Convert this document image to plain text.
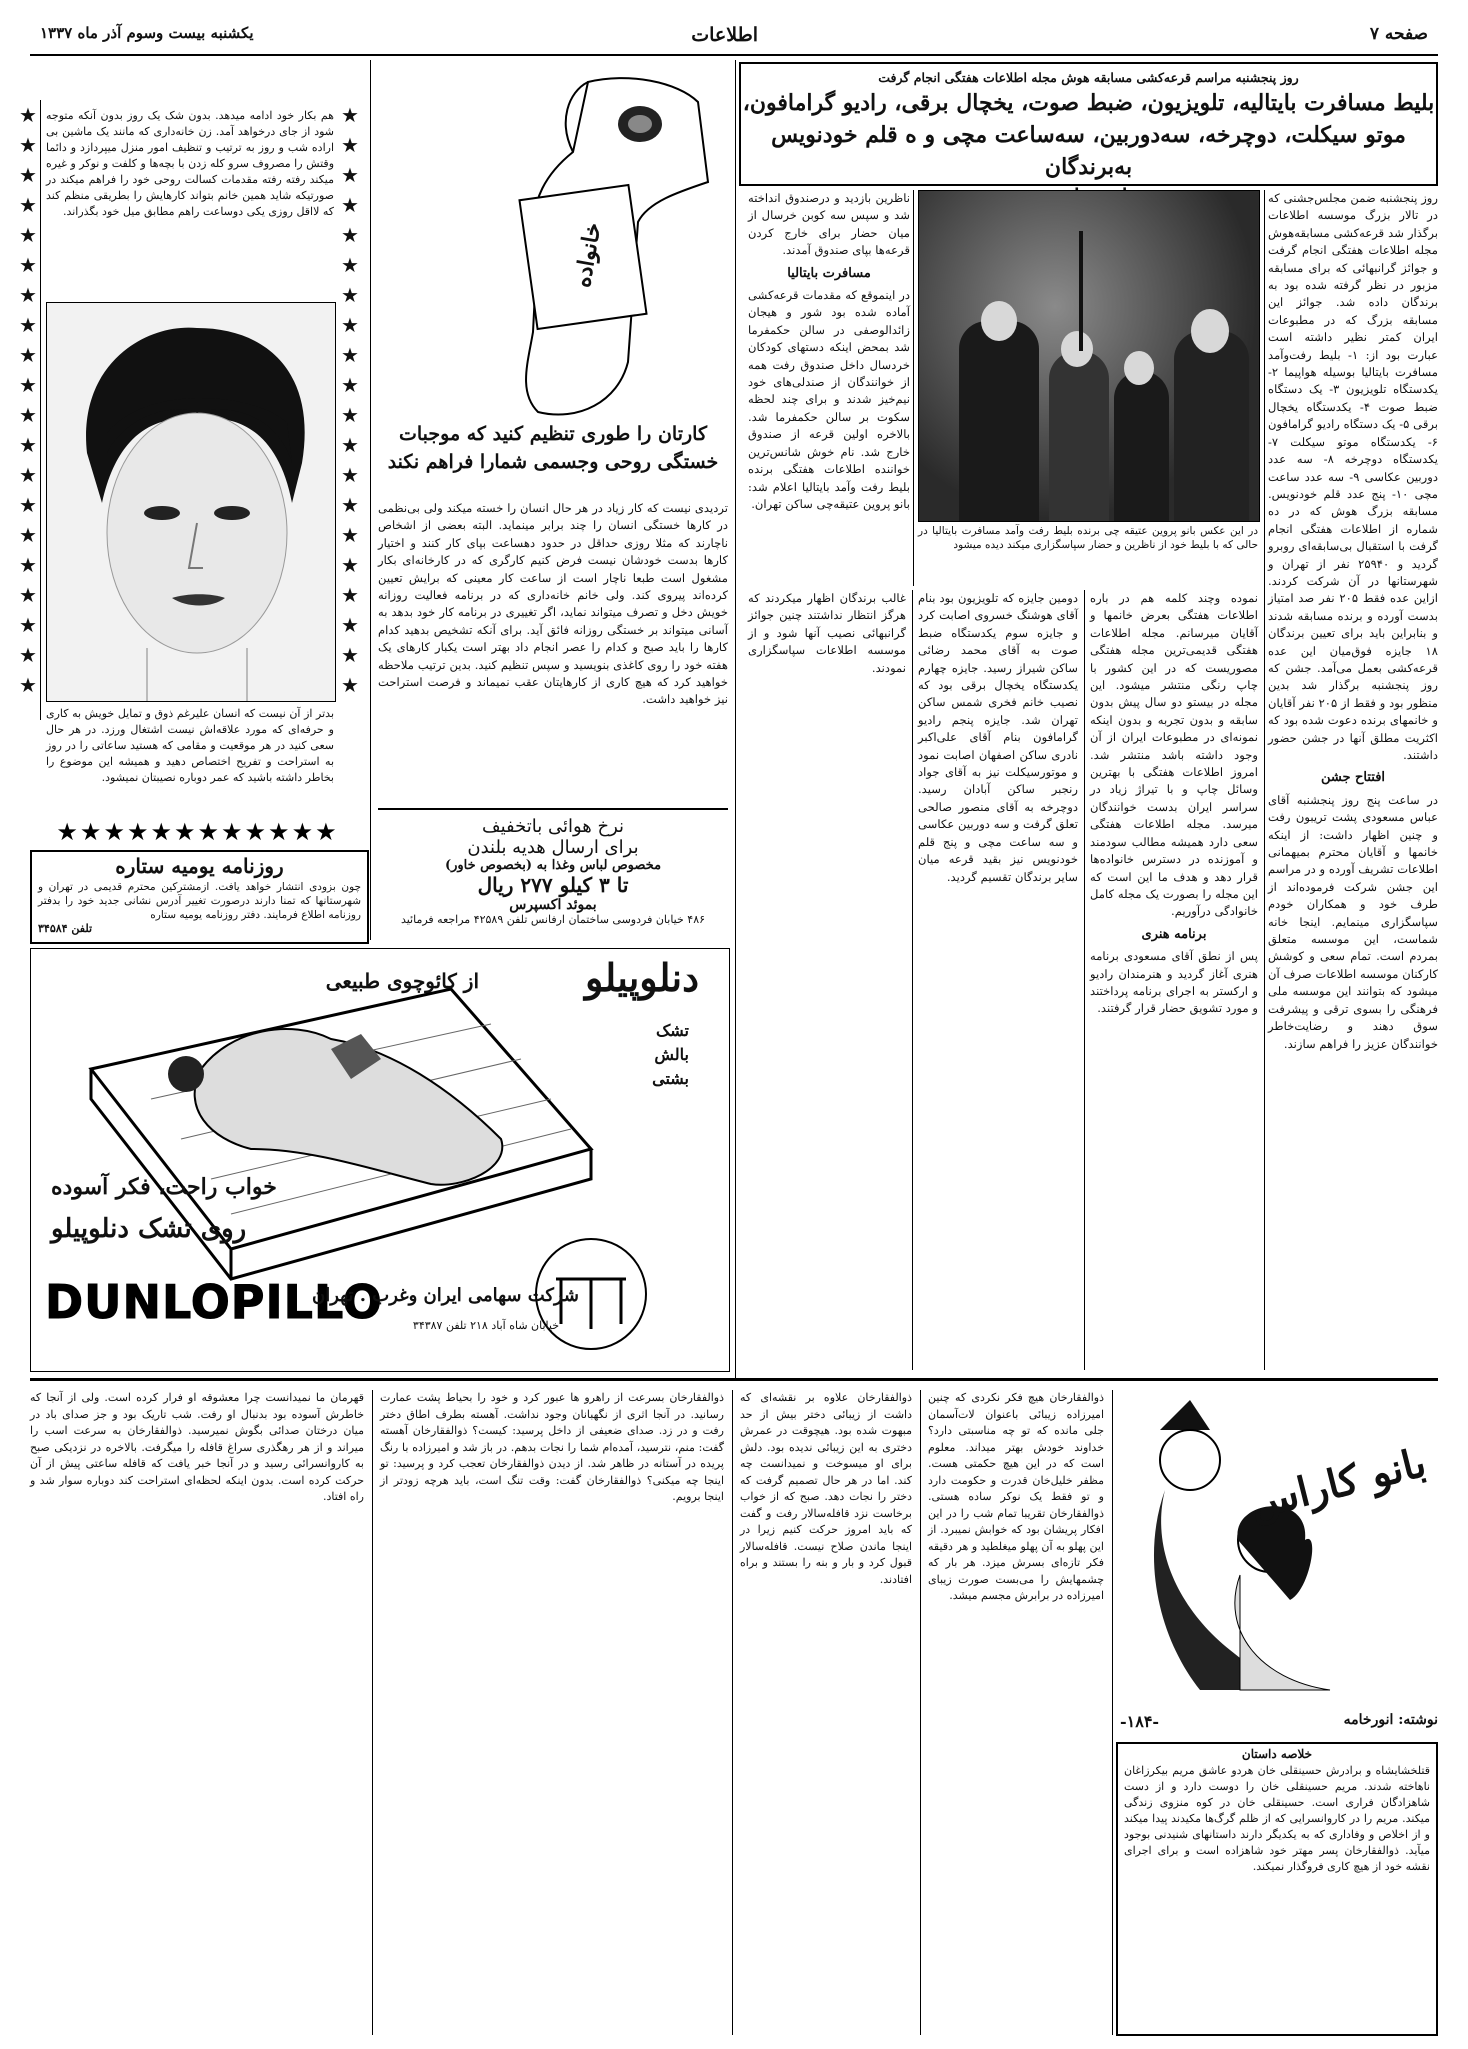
صفحه ۷
اطلاعات
یکشنبه بیست وسوم آذر ماه ۱۳۳۷
روز پنجشنبه مراسم قرعه‌کشی مسابقه هوش مجله اطلاعات هفتگی انجام گرفت
بلیط مسافرت بایتالیه، تلویزیون، ضبط صوت، یخچال برقی، رادیو گرامافون،
موتو سیکلت، دوچرخه، سه‌دوربین، سه‌ساعت مچی و ه قلم خودنویس به‌برندگان

روز پنجشنبه ضمن مجلس‌جشنی که در تالار بزرگ موسسه اطلاعات برگذار شد قرعه‌کشی مسابقه‌هوش مجله اطلاعات هفتگی انجام گرفت و جوائز گرانبهائی که برای مسابقه مزبور در نظر گرفته شده بود به برندگان داده شد. جوائز این مسابقه بزرگ که در مطبوعات ایران کمتر نظیر داشته است عبارت بود از: ۱- بلیط رفت‌وآمد مسافرت بایتالیا بوسیله هواپیما ۲- یکدستگاه تلویزیون ۳- یک دستگاه ضبط صوت ۴- یکدستگاه یخچال برقی ۵- یک دستگاه رادیو گرامافون ۶- یکدستگاه موتو سیکلت ۷- یکدستگاه دوچرخه ۸- سه عدد دوربین عکاسی ۹- سه عدد ساعت مچی ۱۰- پنج عدد قلم خودنویس. مسابقه بزرگ هوش که در ده شماره از اطلاعات هفتگی انجام گرفت با استقبال بی‌سابقه‌ای روبرو گردید و ۲۵۹۴۰ نفر از تهران و شهرستانها در آن شرکت کردند. ازاین عده فقط ۲۰۵ نفر صد امتیاز بدست آورده و برنده مسابقه شدند و بنابراین باید برای تعیین برندگان ۱۸ جایزه فوق‌میان این عده قرعه‌کشی بعمل می‌آمد. جشن که روز پنجشنبه برگذار شد بدین منظور بود و فقط از ۲۰۵ نفر آقایان و خانمهای برنده دعوت شده بود که اکثریت مطلق آنها در جشن حضور داشتند.

افتتاح جشن

در ساعت پنج روز پنجشنبه آقای عباس مسعودی پشت تریبون رفت و چنین اظهار داشت: از اینکه خانمها و آقایان محترم بمیهمانی اطلاعات تشریف آورده و در مراسم این جشن شرکت فرموده‌اند از طرف خود و همکاران خودم سپاسگزاری مینمایم. اینجا خانه شماست، این موسسه متعلق بمردم است. تمام سعی و کوشش کارکنان موسسه اطلاعات صرف آن میشود که بتوانند این موسسه ملی فرهنگی را بسوی ترقی و پیشرفت سوق دهند و رضایت‌خاطر خوانندگان عزیز را فراهم سازند.

در این عکس بانو پروین عتیقه چی برنده بلیط رفت وآمد مسافرت بایتالیا در حالی که با بلیط خود از ناظرین و حضار سپاسگزاری میکند دیده میشود

ناظرین بازدید و درصندوق انداخته شد و سپس سه کوبن خرسال از میان حضار برای خارج کردن قرعه‌ها بپای صندوق آمدند.

مسافرت بایتالیا

در اینموقع که مقدمات قرعه‌کشی آماده شده بود شور و هیجان زائدالوصفی در سالن حکمفرما شد بمحض اینکه دستهای کودکان خردسال داخل صندوق رفت همه از خوانندگان از صندلی‌های خود نیم‌خیز شدند و برای چند لحظه سکوت بر سالن حکمفرما شد. بالاخره اولین قرعه از صندوق خارج شد. نام خوش شانس‌ترین خواننده اطلاعات هفتگی برنده بلیط رفت وآمد بایتالیا اعلام شد: بانو پروین عتیقه‌چی ساکن تهران.

نموده وچند کلمه هم در باره اطلاعات هفتگی بعرض خانمها و آقایان میرسانم. مجله اطلاعات هفتگی قدیمی‌ترین مجله هفتگی مصوریست که در این کشور با چاپ رنگی منتشر میشود. این مجله در بیستو دو سال پیش بدون سابقه و بدون تجربه و بدون اینکه نمونه‌ای در مطبوعات ایران از آن وجود داشته باشد منتشر شد. امروز اطلاعات هفتگی با بهترین وسائل چاپ و با تیراژ زیاد در سراسر ایران بدست خوانندگان میرسد. مجله اطلاعات هفتگی سعی دارد همیشه مطالب سودمند و آموزنده در دسترس خانواده‌ها قرار دهد و هدف ما این است که این مجله را بصورت یک مجله کامل خانوادگی درآوریم.

برنامه هنری

پس از نطق آقای مسعودی برنامه هنری آغاز گردید و هنرمندان رادیو و ارکستر به اجرای برنامه پرداختند و مورد تشویق حضار قرار گرفتند.

دومین جایزه که تلویزیون بود بنام آقای هوشنگ خسروی اصابت کرد و جایزه سوم یکدستگاه ضبط صوت به آقای محمد رضائی ساکن شیراز رسید. جایزه چهارم یکدستگاه یخچال برقی بود که نصیب خانم فخری شمس ساکن تهران شد. جایزه پنجم رادیو گرامافون بنام آقای علی‌اکبر نادری ساکن اصفهان اصابت نمود و موتورسیکلت نیز به آقای جواد رنجبر ساکن آبادان رسید. دوچرخه به آقای منصور صالحی تعلق گرفت و سه دوربین عکاسی و سه ساعت مچی و پنج قلم خودنویس نیز بقید قرعه میان سایر برندگان تقسیم گردید.

غالب برندگان اظهار میکردند که هرگز انتظار نداشتند چنین جوائز گرانبهائی نصیب آنها شود و از موسسه اطلاعات سپاسگزاری نمودند.

خانواده
کارتان را طوری تنظیم کنید که موجبات خستگی روحی وجسمی شمارا فراهم نکند
تردیدی نیست که کار زیاد در هر حال انسان را خسته میکند ولی بی‌نظمی در کارها خستگی انسان را چند برابر مینماید. البته بعضی از اشخاص ناچارند که مثلا روزی حداقل در حدود دهساعت بپای کار کنند و اختیار کارها بدست خودشان نیست فرض کنیم کارگری که در کارخانه‌ای بکار مشغول است طبعا ناچار است از ساعت کار معینی که برایش تعیین کرده‌اند پیروی کند. ولی خانم خانه‌داری که در برنامه فعالیت روزانه خویش دخل و تصرف میتواند نماید، اگر تغییری در برنامه کار خود بدهد به آسانی میتواند بر خستگی روزانه فائق آید. برای آنکه تشخیص بدهید کدام کارها را باید صبح و کدام را عصر انجام داد بهتر است یکبار کارهای یک هفته خود را روی کاغذی بنویسید و سپس تنظیم کنید. بدین ترتیب ملاحظه خواهید کرد که هیچ کاری از کارهایتان عقب نمیماند و فرصت استراحت نیز خواهید داشت.
نرخ هوائی باتخفیف
برای ارسال هدیه بلندن
مخصوص لباس وغذا به (بخصوص خاور)
تا ۳ کیلو ۲۷۷ ریال
بموئد اکسپرس
۴۸۶ خیابان فردوسی ساختمان ارفانس تلفن ۴۲۵۸۹ مراجعه فرمائید
★
★
★
★
★
★
★
★
★
★
★
★
★
★
★
★
★
★
★
★
★
★
★
★
★
★
★
★
★
★
★
★
★
★
★
★
★
★
★
★
هم بکار خود ادامه میدهد. بدون شک یک روز بدون آنکه متوجه شود از جای درخواهد آمد. زن خانه‌داری که مانند یک ماشین بی اراده شب و روز به ترتیب و تنظیف امور منزل میپردازد و دائما وقتش را مصروف سرو کله زدن با بچه‌ها و کلفت و نوکر و غیره میکند رفته رفته مقدمات کسالت روحی خود را فراهم میکند در صورتیکه شاید همین خانم بتواند کارهایش را بطریقی منظم کند که لااقل روزی یکی دوساعت راهم مطابق میل خود بگذراند.
بدتر از آن نیست که انسان علیرغم ذوق و تمایل خویش به کاری و حرفه‌ای که مورد علاقه‌اش نیست اشتغال ورزد. در هر حال سعی کنید در هر موقعیت و مقامی که هستید ساعاتی را در روز به استراحت و تفریح اختصاص دهید و همیشه این موضوع را بخاطر داشته باشید که عمر دوباره نصیبتان نمیشود.
★★★★★★★★★★★★
روزنامه یومیه ستاره
چون بزودی انتشار خواهد یافت. ازمشترکین محترم قدیمی در تهران و شهرستانها که تمنا دارند درصورت تغییر آدرس نشانی جدید خود را بدفتر روزنامه اطلاع فرمایند. دفتر روزنامه یومیه ستاره
تلفن ۳۴۵۸۴
دنلوپیلو
از کائوچوی طبیعی
تشک
بالش
بشتی
خواب راحت، فکر آسوده
روی تشک دنلوپیلو
DUNLOPILLO
شرکت سهامی ایران وغرب . تهران
خیابان شاه آباد ۲۱۸ تلفن ۳۴۳۸۷
بانو کاراس
نوشته: انورخامه
-۱۸۴-
خلاصه داستان
قتلخشایشاه و برادرش حسینقلی خان هردو عاشق مریم بیکرزاغان ناهاخته شدند. مریم حسینقلی خان را دوست دارد و از دست شاهزادگان فراری است. حسینقلی خان در کوه منزوی زندگی میکند. مریم را در کاروانسرایی که از ظلم گرگ‌ها مکیدند پیدا میکند و از اخلاص و وفاداری که به یکدیگر دارند داستانهای شنیدنی بوجود میآید. ذوالفقارخان پسر مهتر خود شاهزاده است و برای اجرای نقشه خود از هیچ کاری فروگذار نمیکند.
ذوالفقارخان هیچ فکر نکردی که چنین امیرزاده زیبائی باعنوان لات‌آسمان جلی مانده که تو چه مناسبتی دارد؟ خداوند خودش بهتر میداند. معلوم است که در این هیچ حکمتی هست. مظفر خلیل‌خان قدرت و حکومت دارد و تو فقط یک نوکر ساده هستی. ذوالفقارخان تقریبا تمام شب را در این افکار پریشان بود که خوابش نمیبرد. از این پهلو به آن پهلو میغلطید و هر دقیقه فکر تازه‌ای بسرش میزد. هر بار که چشمهایش را می‌بست صورت زیبای امیرزاده در برابرش مجسم میشد.
ذوالفقارخان علاوه بر نقشه‌ای که داشت از زیبائی دختر بیش از حد مبهوت شده بود. هیچوقت در عمرش دختری به این زیبائی ندیده بود. دلش برای او میسوخت و نمیدانست چه کند. اما در هر حال تصمیم گرفت که دختر را نجات دهد. صبح که از خواب برخاست نزد قافله‌سالار رفت و گفت که باید امروز حرکت کنیم زیرا در اینجا ماندن صلاح نیست. قافله‌سالار قبول کرد و بار و بنه را بستند و براه افتادند.
ذوالفقارخان بسرعت از راهرو ها عبور کرد و خود را بحیاط پشت عمارت رسانید. در آنجا اثری از نگهبانان وجود نداشت. آهسته بطرف اطاق دختر رفت و در زد. صدای ضعیفی از داخل پرسید: کیست؟ ذوالفقارخان آهسته گفت: منم، نترسید، آمده‌ام شما را نجات بدهم. در باز شد و امیرزاده با رنگ پریده در آستانه در ظاهر شد. از دیدن ذوالفقارخان تعجب کرد و پرسید: تو اینجا چه میکنی؟ ذوالفقارخان گفت: وقت تنگ است، باید هرچه زودتر از اینجا برویم.
قهرمان ما نمیدانست چرا معشوقه او فرار کرده است. ولی از آنجا که خاطرش آسوده بود بدنبال او رفت. شب تاریک بود و جز صدای باد در میان درختان صدائی بگوش نمیرسید. ذوالفقارخان به سرعت اسب را میراند و از هر رهگذری سراغ قافله را میگرفت. بالاخره در نزدیکی صبح به کاروانسرائی رسید و در آنجا خبر یافت که قافله ساعتی پیش از آن حرکت کرده است. بدون اینکه لحظه‌ای استراحت کند دوباره سوار شد و راه افتاد.
